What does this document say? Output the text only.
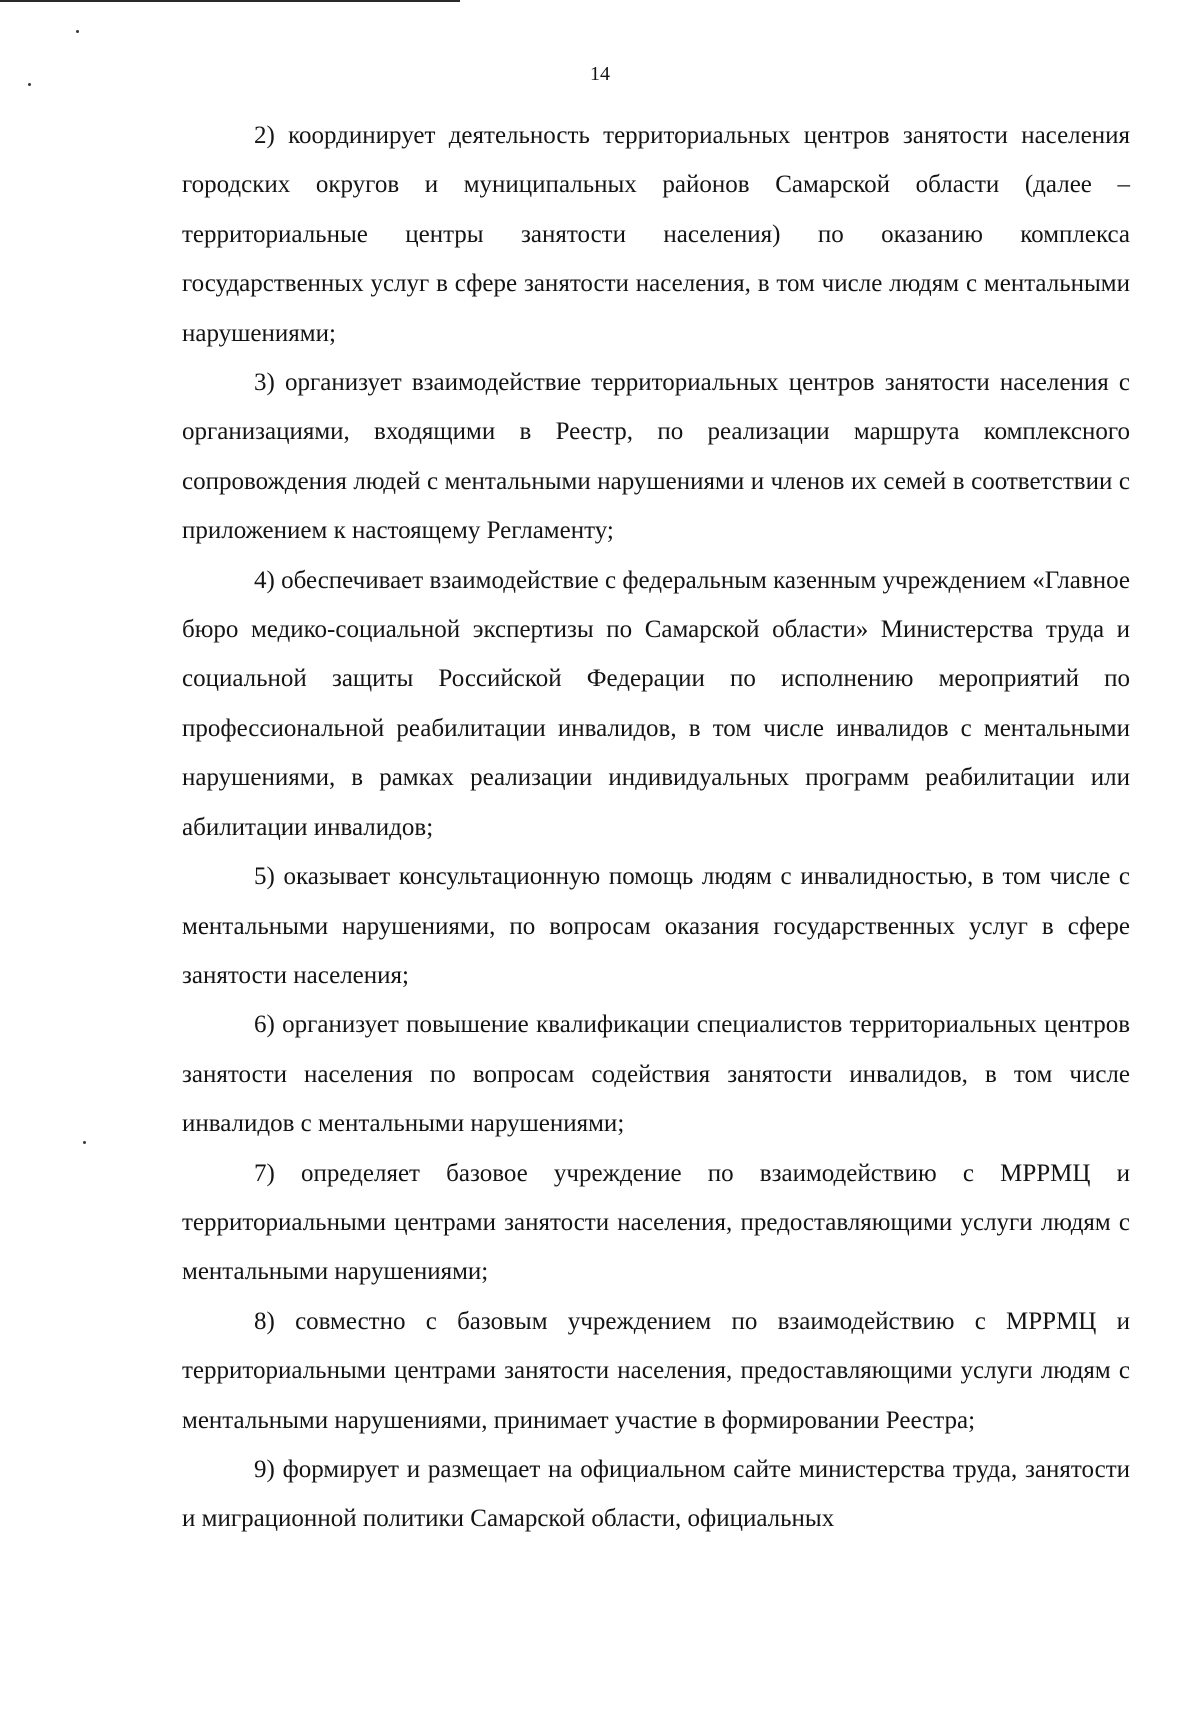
14

2) координирует деятельность территориальных центров занятости населения городских округов и муниципальных районов Самарской области (далее – территориальные центры занятости населения) по оказанию комплекса государственных услуг в сфере занятости населения, в том числе людям с ментальными нарушениями;

3) организует взаимодействие территориальных центров занятости населения с организациями, входящими в Реестр, по реализации маршрута комплексного сопровождения людей с ментальными нарушениями и членов их семей в соответствии с приложением к настоящему Регламенту;

4) обеспечивает взаимодействие с федеральным казенным учреждением «Главное бюро медико-социальной экспертизы по Самарской области» Министерства труда и социальной защиты Российской Федерации по исполнению мероприятий по профессиональной реабилитации инвалидов, в том числе инвалидов с ментальными нарушениями, в рамках реализации индивидуальных программ реабилитации или абилитации инвалидов;

5) оказывает консультационную помощь людям с инвалидностью, в том числе с ментальными нарушениями, по вопросам оказания государственных услуг в сфере занятости населения;

6) организует повышение квалификации специалистов территориальных центров занятости населения по вопросам содействия занятости инвалидов, в том числе инвалидов с ментальными нарушениями;

7) определяет базовое учреждение по взаимодействию с МРРМЦ и территориальными центрами занятости населения, предоставляющими услуги людям с ментальными нарушениями;

8) совместно с базовым учреждением по взаимодействию с МРРМЦ и территориальными центрами занятости населения, предоставляющими услуги людям с ментальными нарушениями, принимает участие в формировании Реестра;

9) формирует и размещает на официальном сайте министерства труда, занятости и миграционной политики Самарской области, официальных
